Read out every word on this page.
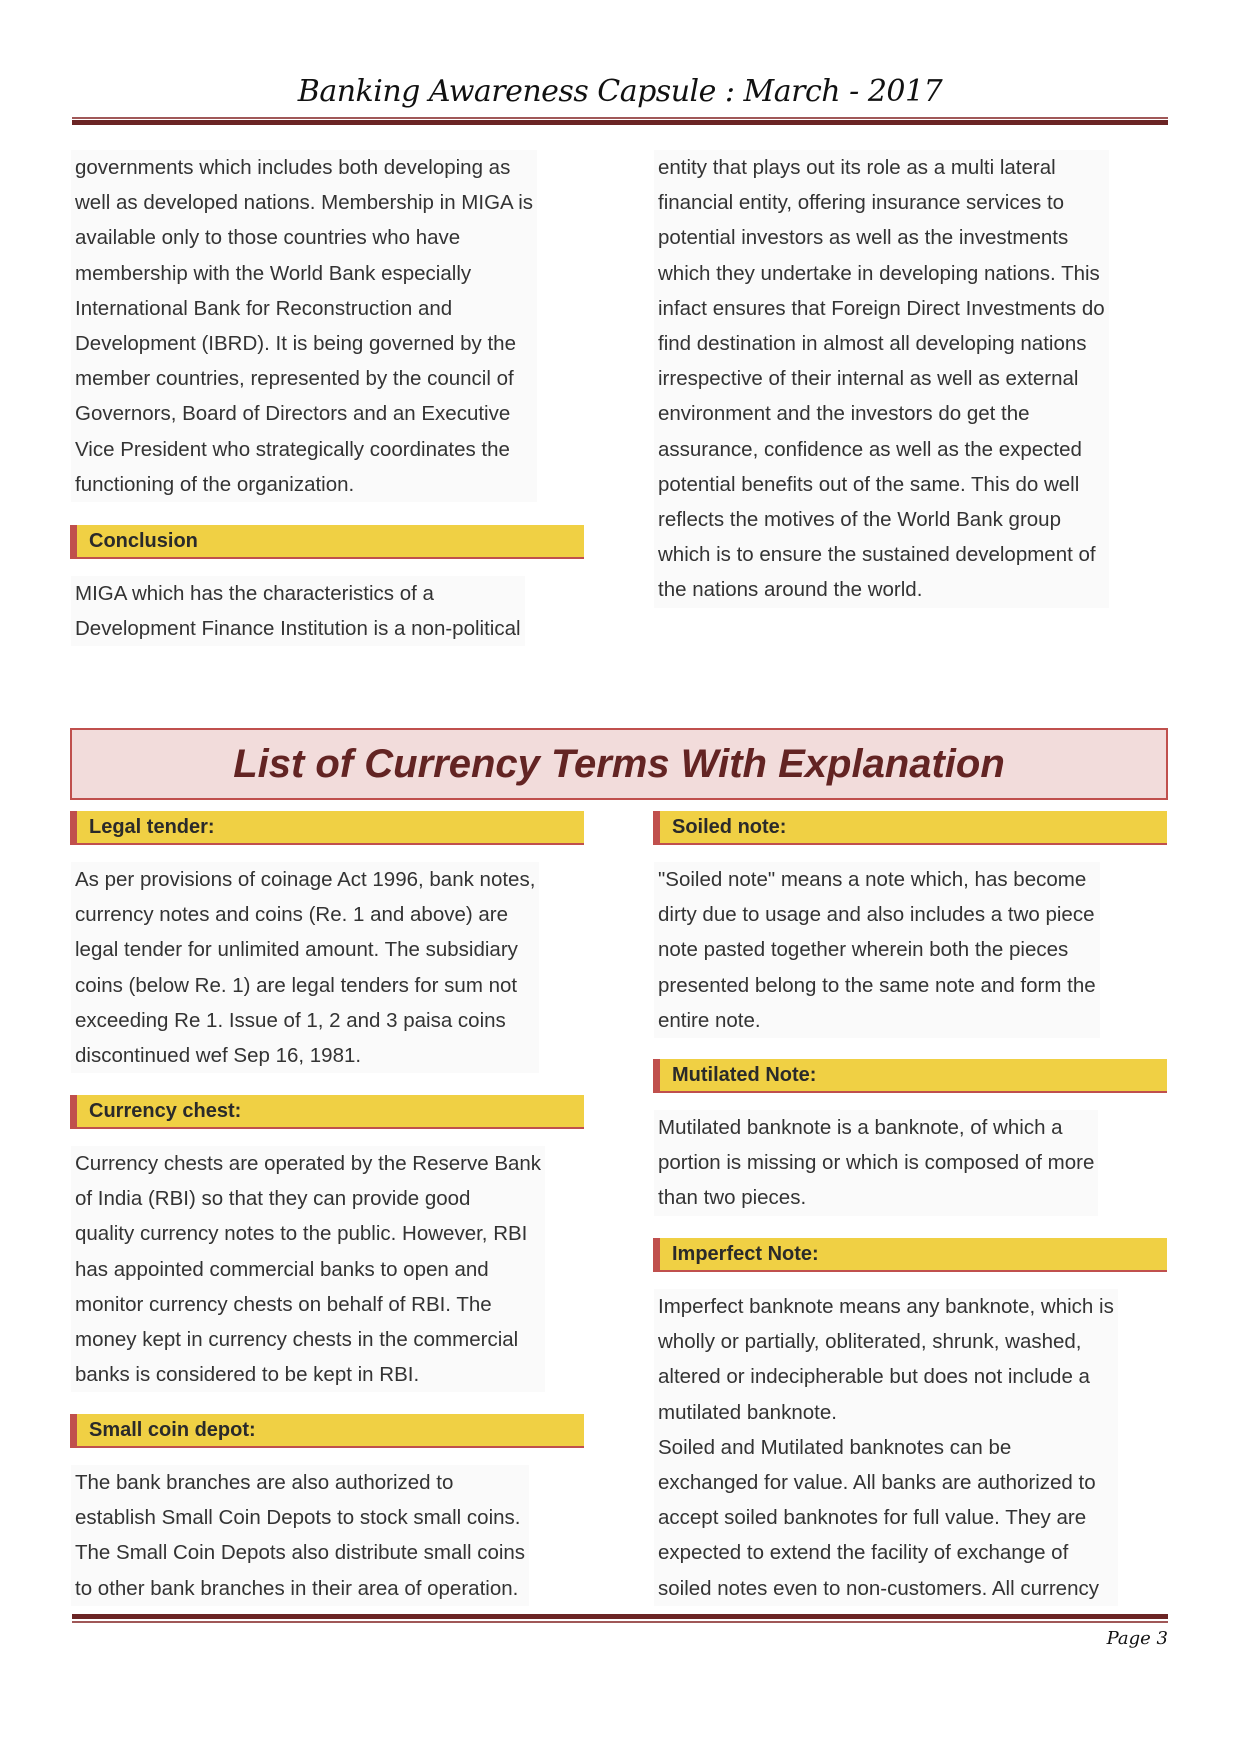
Banking Awareness Capsule : March - 2017
governments which includes both developing as
well as developed nations. Membership in MIGA is
available only to those countries who have
membership with the World Bank especially
International Bank for Reconstruction and
Development (IBRD). It is being governed by the
member countries, represented by the council of
Governors, Board of Directors and an Executive
Vice President who strategically coordinates the
functioning of the organization.
Conclusion
MIGA which has the characteristics of a
Development Finance Institution is a non-political
entity that plays out its role as a multi lateral
financial entity, offering insurance services to
potential investors as well as the investments
which they undertake in developing nations. This
infact ensures that Foreign Direct Investments do
find destination in almost all developing nations
irrespective of their internal as well as external
environment and the investors do get the
assurance, confidence as well as the expected
potential benefits out of the same. This do well
reflects the motives of the World Bank group
which is to ensure the sustained development of
the nations around the world.
List of Currency Terms With Explanation
Legal tender:
As per provisions of coinage Act 1996, bank notes,
currency notes and coins (Re. 1 and above) are
legal tender for unlimited amount. The subsidiary
coins (below Re. 1) are legal tenders for sum not
exceeding Re 1. Issue of 1, 2 and 3 paisa coins
discontinued wef Sep 16, 1981.
Currency chest:
Currency chests are operated by the Reserve Bank
of India (RBI) so that they can provide good
quality currency notes to the public. However, RBI
has appointed commercial banks to open and
monitor currency chests on behalf of RBI. The
money kept in currency chests in the commercial
banks is considered to be kept in RBI.
Small coin depot:
The bank branches are also authorized to
establish Small Coin Depots to stock small coins.
The Small Coin Depots also distribute small coins
to other bank branches in their area of operation.
Soiled note:
"Soiled note" means a note which, has become
dirty due to usage and also includes a two piece
note pasted together wherein both the pieces
presented belong to the same note and form the
entire note.
Mutilated Note:
Mutilated banknote is a banknote, of which a
portion is missing or which is composed of more
than two pieces.
Imperfect Note:
Imperfect banknote means any banknote, which is
wholly or partially, obliterated, shrunk, washed,
altered or indecipherable but does not include a
mutilated banknote.
Soiled and Mutilated banknotes can be
exchanged for value. All banks are authorized to
accept soiled banknotes for full value. They are
expected to extend the facility of exchange of
soiled notes even to non-customers. All currency
Page 3
